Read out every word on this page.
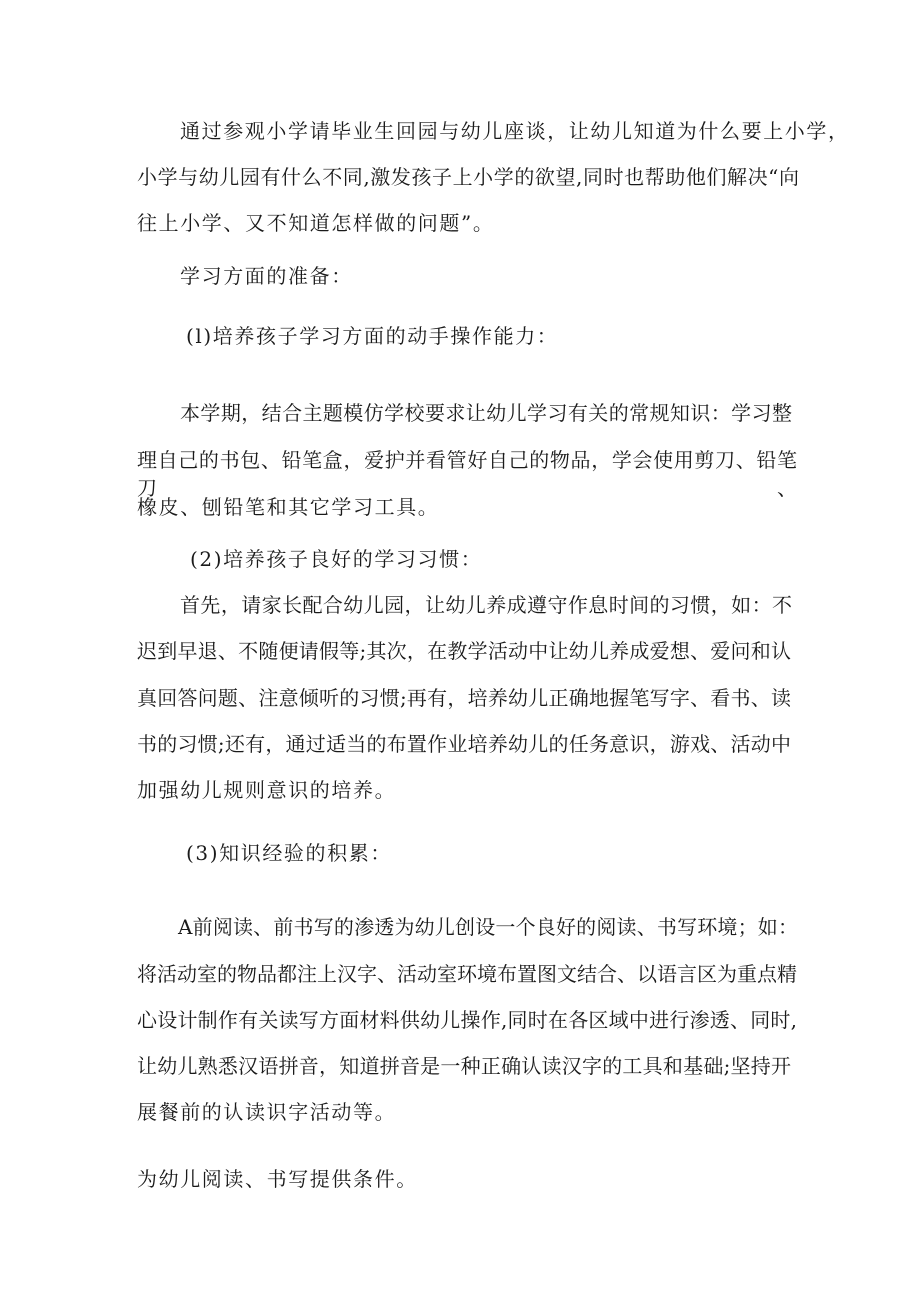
通过参观小学请毕业生回园与幼儿座谈，让幼儿知道为什么要上小学，

小学与幼儿园有什么不同,激发孩子上小学的欲望,同时也帮助他们解决“向

往上小学、又不知道怎样做的问题”。

学习方面的准备：

(l)培养孩子学习方面的动手操作能力：

本学期，结合主题模仿学校要求让幼儿学习有关的常规知识：学习整

理自己的书包、铅笔盒，爱护并看管好自己的物品，学会使用剪刀、铅笔刀、

橡皮、刨铅笔和其它学习工具。

(2)培养孩子良好的学习习惯：

首先，请家长配合幼儿园，让幼儿养成遵守作息时间的习惯，如：不

迟到早退、不随便请假等;其次，在教学活动中让幼儿养成爱想、爱问和认

真回答问题、注意倾听的习惯;再有，培养幼儿正确地握笔写字、看书、读

书的习惯;还有，通过适当的布置作业培养幼儿的任务意识，游戏、活动中

加强幼儿规则意识的培养。

(3)知识经验的积累：

A前阅读、前书写的渗透为幼儿创设一个良好的阅读、书写环境；如：

将活动室的物品都注上汉字、活动室环境布置图文结合、以语言区为重点精

心设计制作有关读写方面材料供幼儿操作,同时在各区域中进行渗透、同时,

让幼儿熟悉汉语拼音，知道拼音是一种正确认读汉字的工具和基础;坚持开

展餐前的认读识字活动等。

为幼儿阅读、书写提供条件。
